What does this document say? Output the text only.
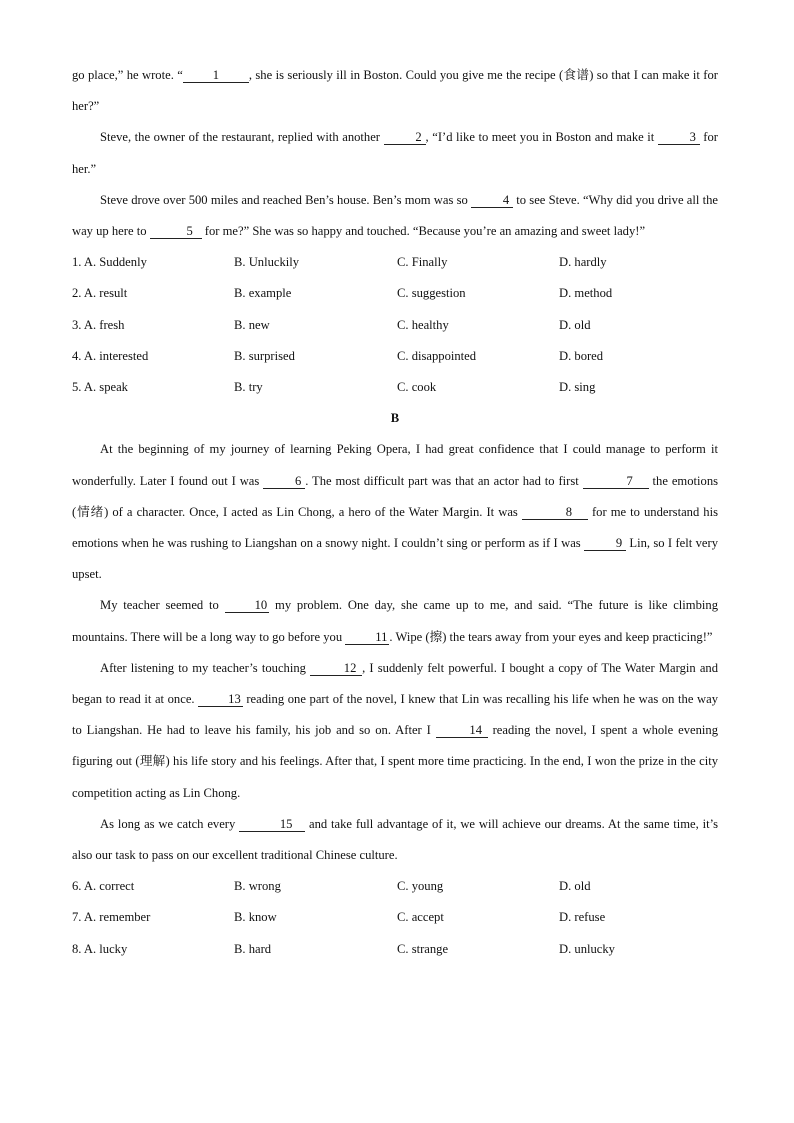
go place,” he wrote. “ 1 , she is seriously ill in Boston. Could you give me the recipe (食谱) so that I can make it for her?”

Steve, the owner of the restaurant, replied with another	2 , “I’d like to meet you in Boston and make it	3 for her.”

Steve drove over 500 miles and reached Ben’s house. Ben’s mom was so	4 to see Steve. “Why did you drive all the way up here to	5 for me?” She was so happy and touched. “Because you’re an amazing and sweet lady!”

1. A. Suddenly	B. Unluckily	C. Finally	D. hardly
2. A. result	B. example	C. suggestion	D. method
3. A. fresh	B. new	C. healthy	D. old
4. A. interested	B. surprised	C. disappointed	D. bored
5. A. speak	B. try	C. cook	D. sing
B

At the beginning of my journey of learning Peking Opera, I had great confidence that I could manage to perform it wonderfully. Later I found out I was	6 . The most difficult part was that an actor had to first	7 the emotions (情绪) of a character. Once, I acted as Lin Chong, a hero of the Water Margin. It was	8 for me to understand his emotions when he was rushing to Liangshan on a snowy night. I couldn’t sing or perform as if I was	9 Lin, so I felt very upset.

My teacher seemed to 10 my problem. One day, she came up to me, and said. “The future is like climbing mountains. There will be a long way to go before you 11 . Wipe (擦) the tears away from your eyes and keep practicing!”

After listening to my teacher’s touching	12 , I suddenly felt powerful. I bought a copy of The Water Margin and began to read it at once. 13 reading one part of the novel, I knew that Lin was recalling his life when he was on the way to Liangshan. He had to leave his family, his job and so on. After I	14 reading the novel, I spent a whole evening figuring out (理解) his life story and his feelings. After that, I spent more time practicing. In the end, I won the prize in the city competition acting as Lin Chong.

As long as we catch every	15 and take full advantage of it, we will achieve our dreams. At the same time, it’s also our task to pass on our excellent traditional Chinese culture.

6. A. correct	B. wrong	C. young	D. old
7. A. remember	B. know	C. accept	D. refuse
8. A. lucky	B. hard	C. strange	D. unlucky
